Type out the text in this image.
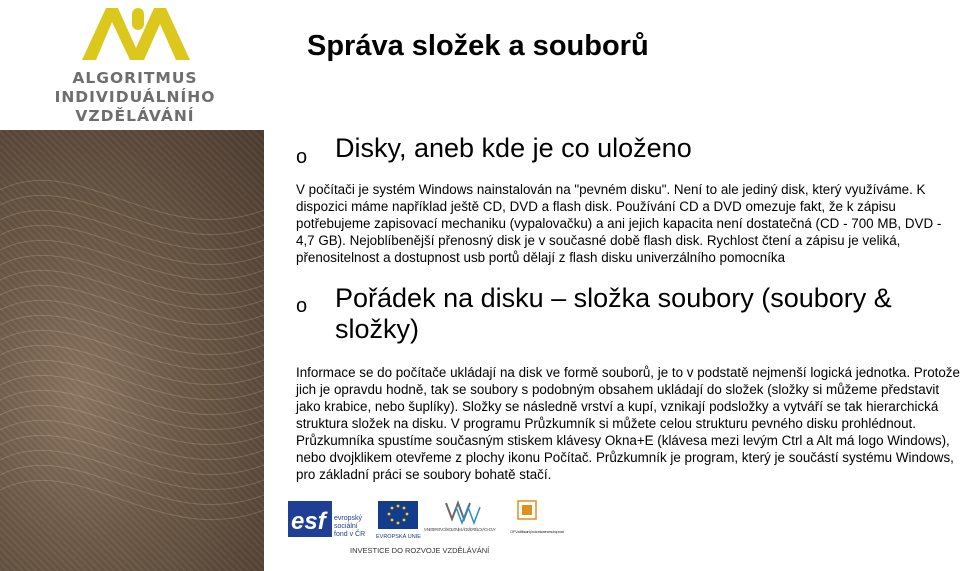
ALGORITMUS
INDIVIDUÁLNÍHO
VZDĚLÁVÁNÍ
Správa složek a souborů
o Disky, aneb kde je co uloženo
V počítači je systém Windows nainstalován na "pevném disku". Není to ale jediný disk, který využíváme. K dispozici máme například ještě CD, DVD a flash disk. Používání CD a DVD omezuje fakt, že k zápisu potřebujeme zapisovací mechaniku (vypalovačku) a ani jejich kapacita není dostatečná (CD - 700 MB, DVD - 4,7 GB). Nejoblíbenější přenosný disk je v současné době flash disk. Rychlost čtení a zápisu je veliká, přenositelnost a dostupnost usb portů dělají z flash disku univerzálního pomocníka
o Pořádek na disku – složka soubory (soubory & složky)
Informace se do počítače ukládají na disk ve formě souborů, je to v podstatě nejmenší logická jednotka. Protože jich je opravdu hodně, tak se soubory s podobným obsahem ukládají do složek (složky si můžeme představit jako krabice, nebo šuplíky). Složky se následně vrství a kupí, vznikají podsložky a vytváří se tak hierarchická struktura složek na disku. V programu Průzkumník si můžete celou strukturu pevného disku prohlédnout. Průzkumníka spustíme současným stiskem klávesy Okna+E (klávesa mezi levým Ctrl a Alt má logo Windows), nebo dvojklikem otevřeme z plochy ikonu Počítač. Průzkumník je program, který je součástí systému Windows, pro základní práci se soubory bohatě stačí.
esf evropský
sociální
fond v ČR EVROPSKÁ UNIE
MINISTERSTVO ŠKOLSTVÍ, MLÁDEŽE A TĚLOVÝCHOVY	OP Vzdělávání pro konkurenceschopnost
INVESTICE DO ROZVOJE VZDĚLÁVÁNÍ
